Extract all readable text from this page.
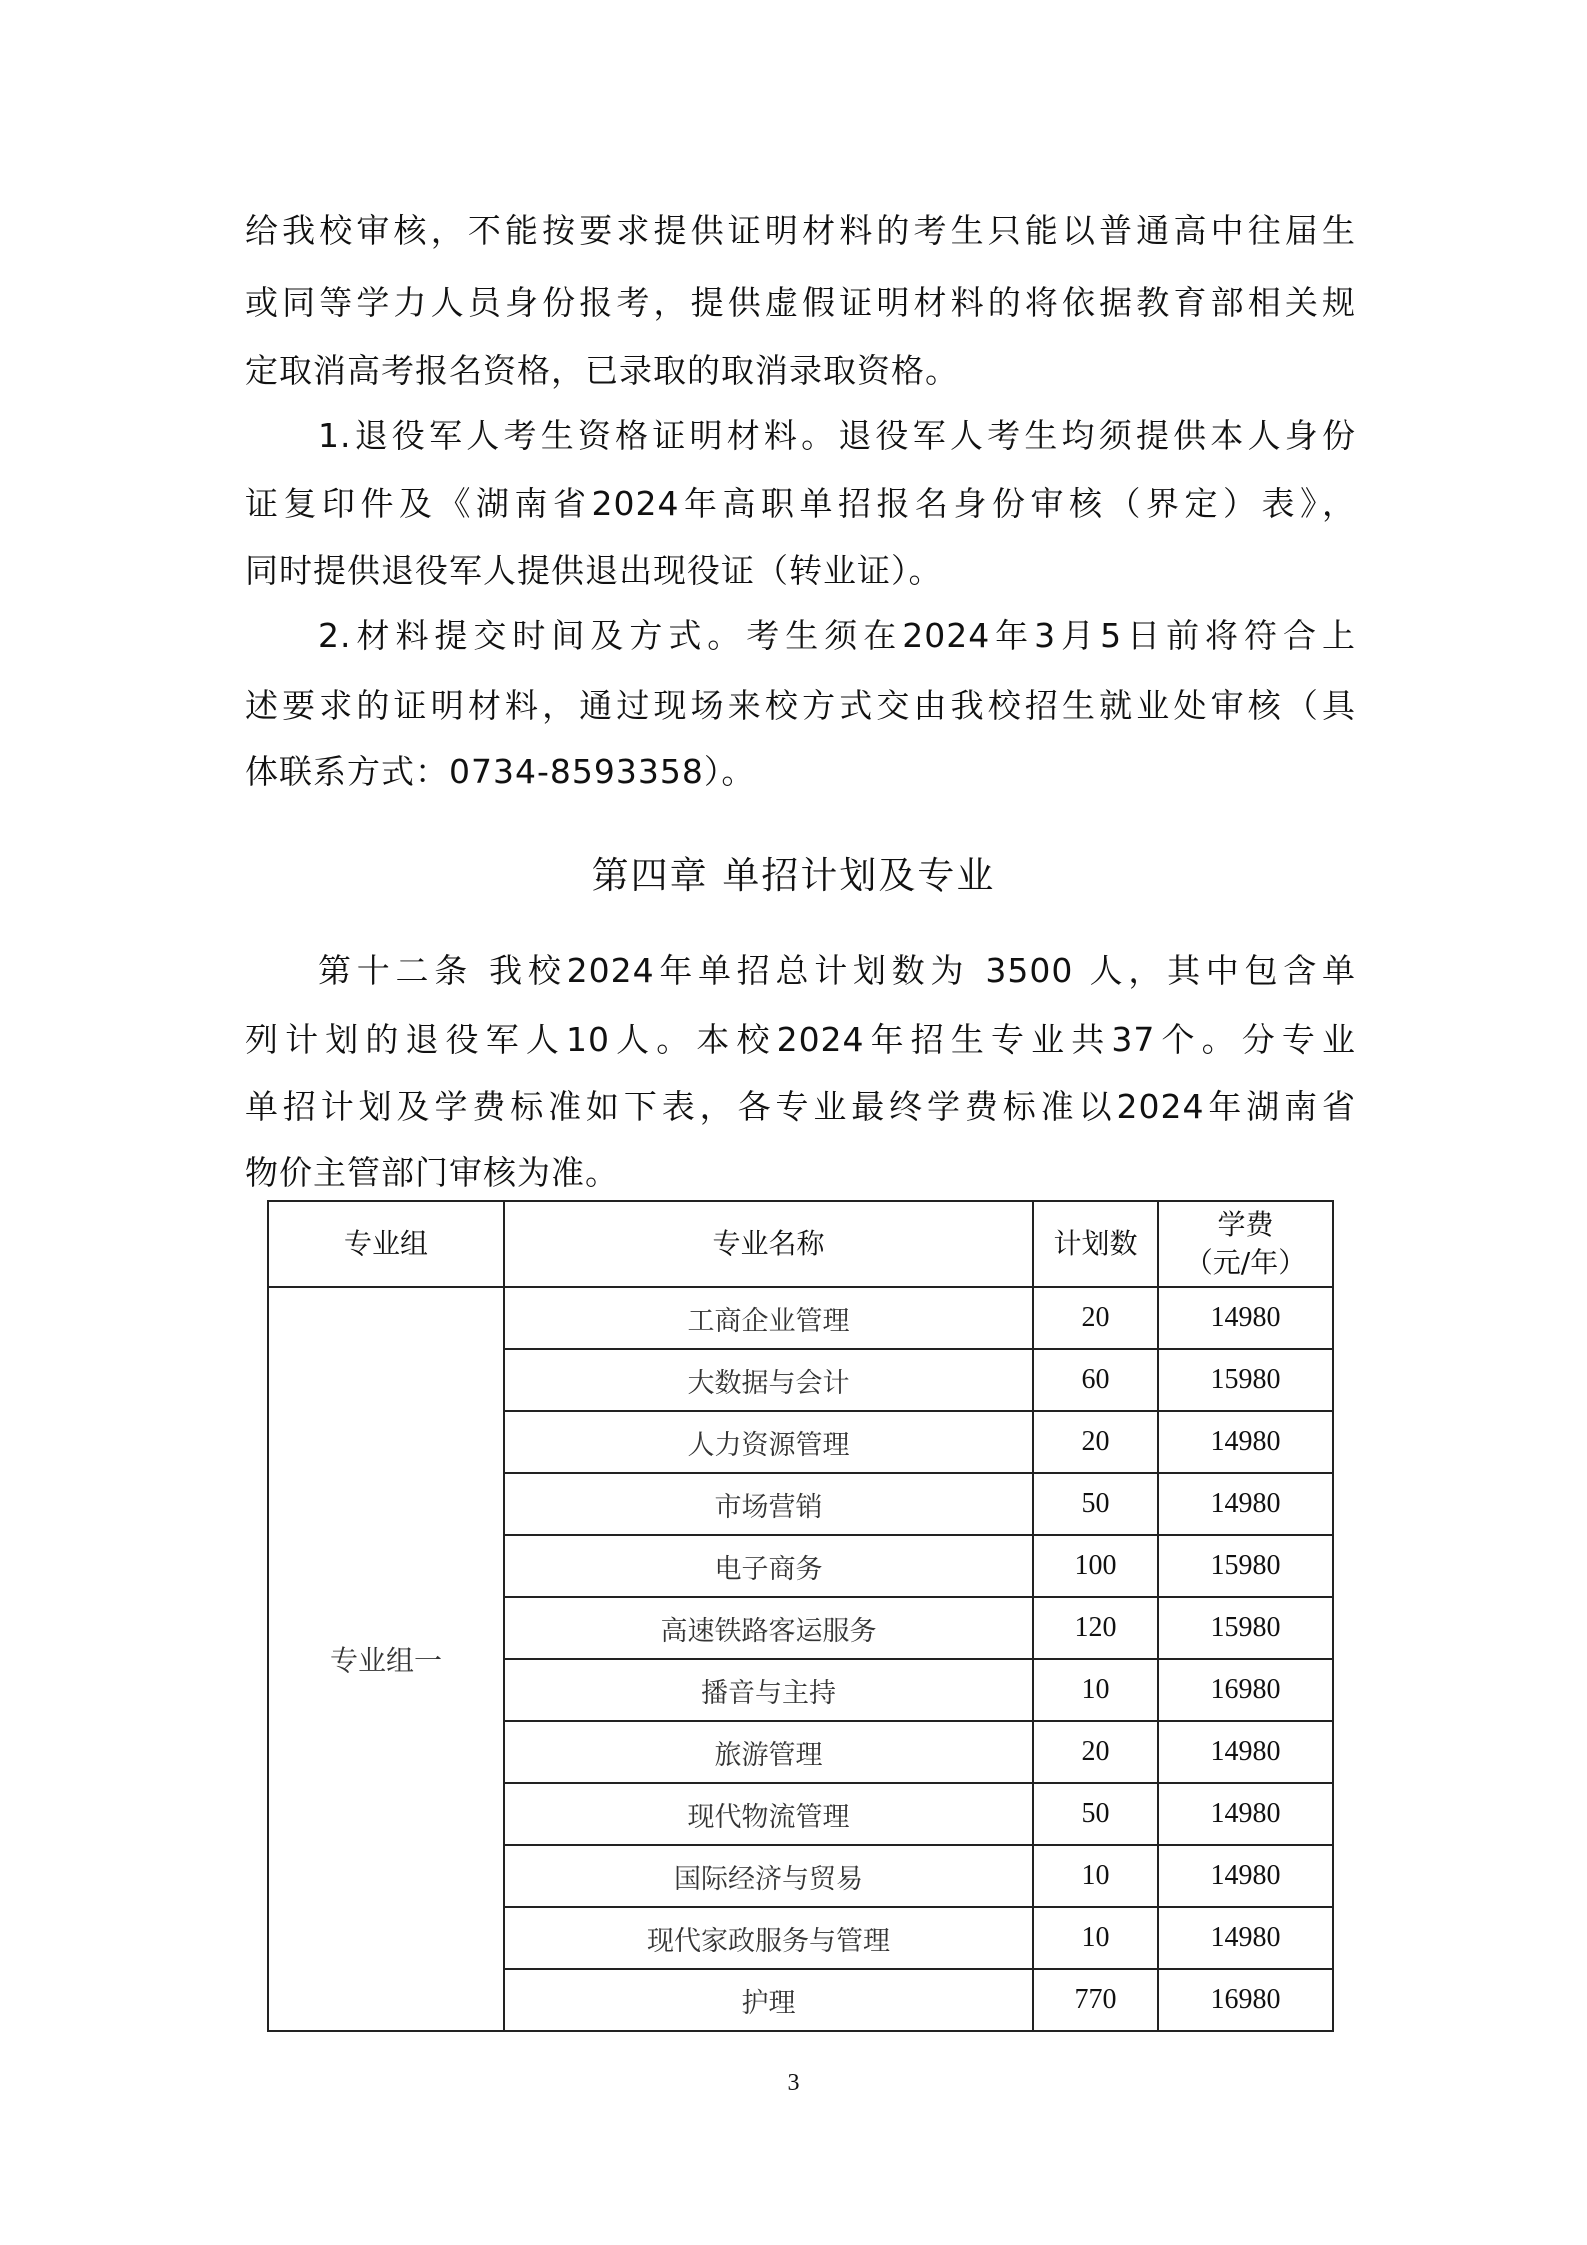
给我校审核，不能按要求提供证明材料的考生只能以普通高中往届生
或同等学力人员身份报考，提供虚假证明材料的将依据教育部相关规
定取消高考报名资格，已录取的取消录取资格。
1.退役军人考生资格证明材料。退役军人考生均须提供本人身份
证复印件及《湖南省2024年高职单招报名身份审核（界定）表》，
同时提供退役军人提供退出现役证（转业证）。
2.材料提交时间及方式。考生须在2024年3月5日前将符合上
述要求的证明材料，通过现场来校方式交由我校招生就业处审核（具
体联系方式：0734-8593358）。
第四章 单招计划及专业
第十二条 我校2024年单招总计划数为 3500 人，其中包含单
列计划的退役军人10人。本校2024年招生专业共37个。分专业
单招计划及学费标准如下表，各专业最终学费标准以2024年湖南省
物价主管部门审核为准。
专业组	专业名称	计划数	学费
（元/年）
专业组一	工商企业管理	20	14980
	大数据与会计	60	15980
	人力资源管理	20	14980
	市场营销	50	14980
	电子商务	100	15980
	高速铁路客运服务	120	15980
	播音与主持	10	16980
	旅游管理	20	14980
	现代物流管理	50	14980
	国际经济与贸易	10	14980
	现代家政服务与管理	10	14980
	护理	770	16980
3
